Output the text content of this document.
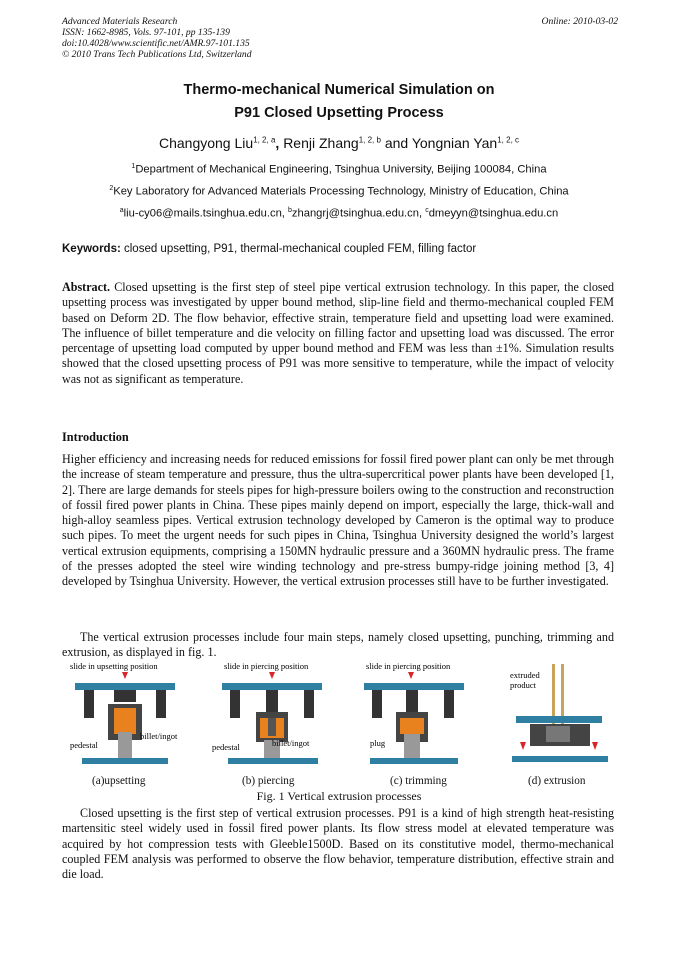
Advanced Materials Research
ISSN: 1662-8985, Vols. 97-101, pp 135-139
doi:10.4028/www.scientific.net/AMR.97-101.135
© 2010 Trans Tech Publications Ltd, Switzerland
Online: 2010-03-02
Thermo-mechanical Numerical Simulation on
P91 Closed Upsetting Process
Changyong Liu$^{1, 2, a}$, Renji Zhang$^{1, 2, b}$ and Yongnian Yan$^{1, 2, c}$
$^1$Department of Mechanical Engineering, Tsinghua University, Beijing 100084, China
$^2$Key Laboratory for Advanced Materials Processing Technology, Ministry of Education, China
$^a$liu-cy06@mails.tsinghua.edu.cn, $^b$zhangrj@tsinghua.edu.cn, $^c$dmeyyn@tsinghua.edu.cn
Keywords: closed upsetting, P91, thermal-mechanical coupled FEM, filling factor
Abstract. Closed upsetting is the first step of steel pipe vertical extrusion technology. In this paper, the closed upsetting process was investigated by upper bound method, slip-line field and thermo-mechanical coupled FEM based on Deform 2D. The flow behavior, effective strain, temperature field and upsetting load were examined. The influence of billet temperature and die velocity on filling factor and upsetting load was discussed. The error percentage of upsetting load computed by upper bound method and FEM was less than ±1%. Simulation results showed that the closed upsetting process of P91 was more sensitive to temperature, while the impact of velocity was not as significant as temperature.
Introduction
Higher efficiency and increasing needs for reduced emissions for fossil fired power plant can only be met through the increase of steam temperature and pressure, thus the ultra-supercritical power plants have been developed [1, 2]. There are large demands for steels pipes for high-pressure boilers owing to the construction and reconstruction of fossil fired power plants in China. These pipes mainly depend on import, especially the large, thick-wall and high-alloy seamless pipes. Vertical extrusion technology developed by Cameron is the optimal way to produce such pipes. To meet the urgent needs for such pipes in China, Tsinghua University designed the world’s largest vertical extrusion equipments, comprising a 150MN hydraulic pressure and a 360MN hydraulic press. The frame of the presses adopted the steel wire winding technology and pre-stress bumpy-ridge joining method [3, 4] developed by Tsinghua University. However, the vertical extrusion processes still have to be further investigated.
The vertical extrusion processes include four main steps, namely closed upsetting, punching, trimming and extrusion, as displayed in fig. 1.
slide in upsetting position
pedestal
billet/ingot
(a)upsetting
slide in piercing position
pedestal	billet/ingot
(b) piercing
slide in piercing position
plug
(c) trimming
extruded
product
(d) extrusion
Fig. 1 Vertical extrusion processes
Closed upsetting is the first step of vertical extrusion processes. P91 is a kind of high strength heat-resisting martensitic steel widely used in fossil fired power plants. Its flow stress model at elevated temperature was acquired by hot compression tests with Gleeble1500D. Based on its constitutive model, thermo-mechanical coupled FEM analysis was performed to observe the flow behavior, temperature distribution, effective strain and die load.
